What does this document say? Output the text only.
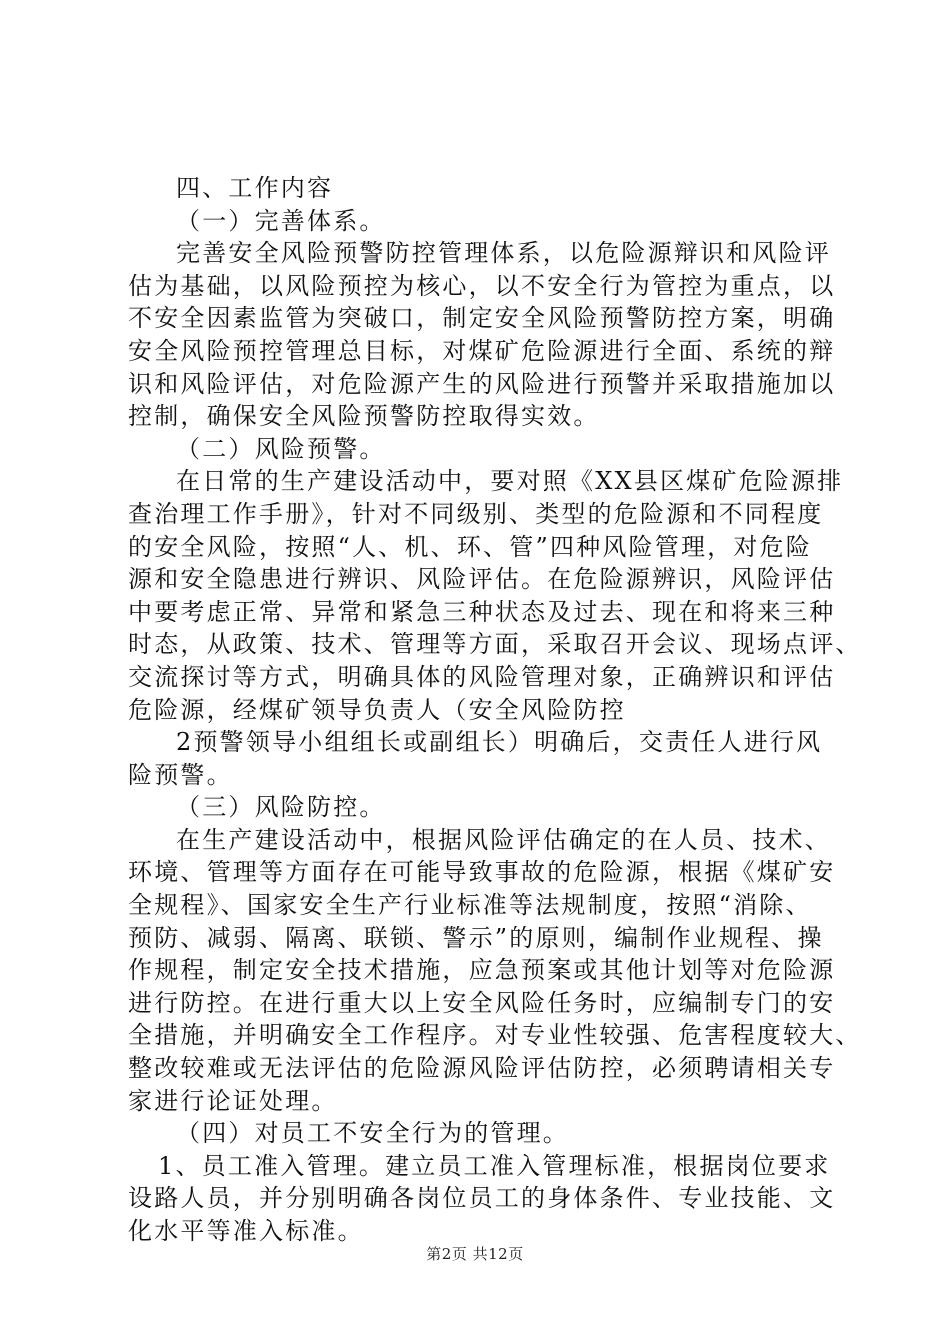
四、工作内容
（一）完善体系。
完善安全风险预警防控管理体系，以危险源辩识和风险评
估为基础，以风险预控为核心，以不安全行为管控为重点，以
不安全因素监管为突破口，制定安全风险预警防控方案，明确
安全风险预控管理总目标，对煤矿危险源进行全面、系统的辩
识和风险评估，对危险源产生的风险进行预警并采取措施加以
控制，确保安全风险预警防控取得实效。
（二）风险预警。
在日常的生产建设活动中，要对照《XX县区煤矿危险源排
查治理工作手册》，针对不同级别、类型的危险源和不同程度
的安全风险，按照“人、机、环、管”四种风险管理，对危险
源和安全隐患进行辨识、风险评估。在危险源辨识，风险评估
中要考虑正常、异常和紧急三种状态及过去、现在和将来三种
时态，从政策、技术、管理等方面，采取召开会议、现场点评、
交流探讨等方式，明确具体的风险管理对象，正确辨识和评估
危险源，经煤矿领导负责人（安全风险防控
2预警领导小组组长或副组长）明确后，交责任人进行风
险预警。
（三）风险防控。
在生产建设活动中，根据风险评估确定的在人员、技术、
环境、管理等方面存在可能导致事故的危险源，根据《煤矿安
全规程》、国家安全生产行业标准等法规制度，按照“消除、
预防、减弱、隔离、联锁、警示”的原则，编制作业规程、操
作规程，制定安全技术措施，应急预案或其他计划等对危险源
进行防控。在进行重大以上安全风险任务时，应编制专门的安
全措施，并明确安全工作程序。对专业性较强、危害程度较大、
整改较难或无法评估的危险源风险评估防控，必须聘请相关专
家进行论证处理。
（四）对员工不安全行为的管理。
1、员工准入管理。建立员工准入管理标准，根据岗位要求
设路人员，并分别明确各岗位员工的身体条件、专业技能、文
化水平等准入标准。
第2页 共12页
